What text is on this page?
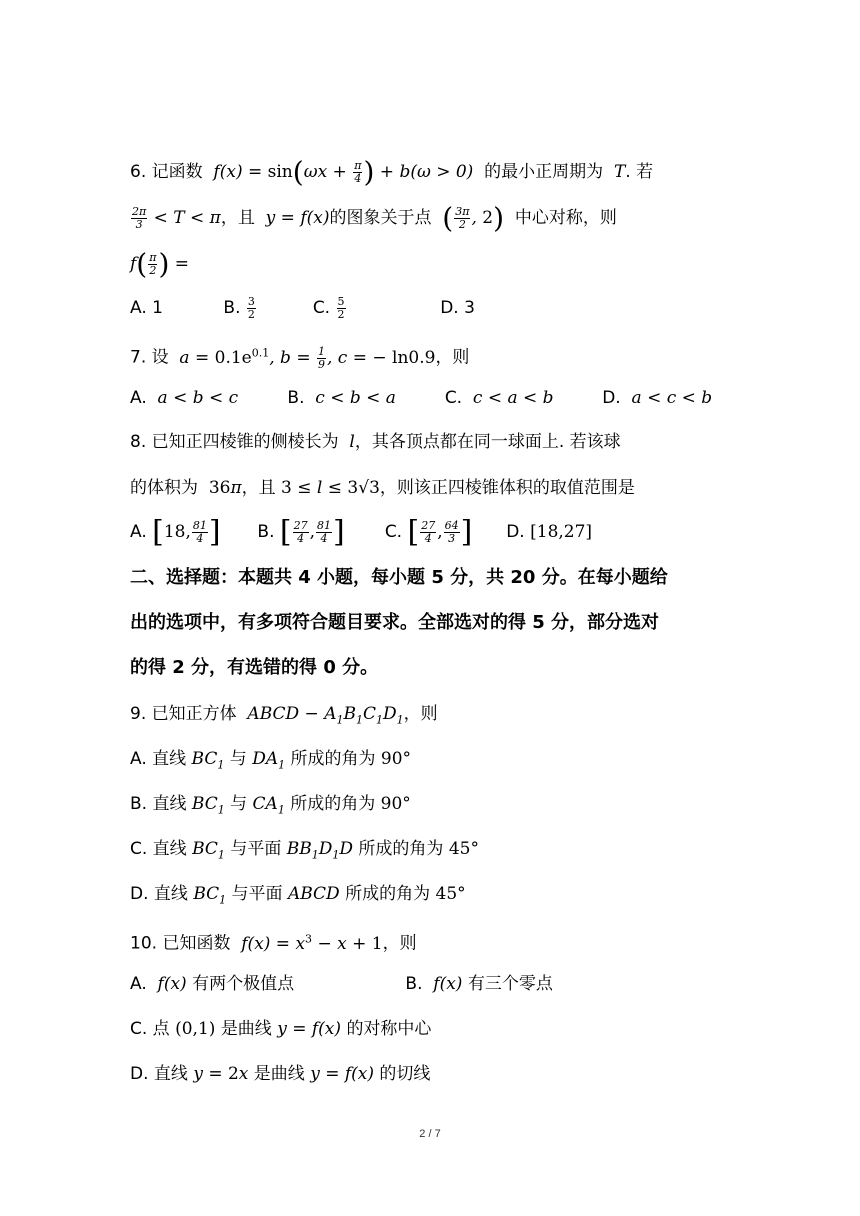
6. 记函数  $f(x) = \sin(\omega x + \frac{\pi}{4}$ ) + b(ω > 0)  的最小正周期为  T. 若
$\frac{2\pi}{3} < T < \pi$，且  y = f(x)的图象关于点 ( $\frac{3\pi}{2}$ , 2) 中心对称，则
$f( \frac{\pi}{2}$ ) =
A. 1	B. $\frac{3}{2}$	C. $\frac{5}{2}$	D. 3
7. 设  $a = 0.1e^{0.1}$, $b = \frac{1}{9}$ , c = − ln0.9，则
A. a < b < c	B. c < b < a	C. c < a < b	D. a < c < b
8. 已知正四棱锥的侧棱长为  l，其各顶点都在同一球面上. 若该球
的体积为 36π，且 3 ≤ l ≤ 3√3，则该正四棱锥体积的取值范围是
A. [18, $\frac{81}{4}$ ] B. [ $\frac{27}{4}$ , $\frac{81}{4}$ ] C. [ $\frac{27}{4}$ , $\frac{64}{3}$ ] D. [18,27]
二、选择题：本题共 4 小题，每小题 5 分，共 20 分。在每小题给
出的选项中，有多项符合题目要求。全部选对的得 5 分，部分选对
的得 2 分，有选错的得 0 分。
9. 已知正方体  ABCD − $A_1B_1C_1D_1$，则
A. 直线 $BC_1$ 与 $DA_1$ 所成的角为 90°
B. 直线 $BC_1$ 与 $CA_1$ 所成的角为 90°
C. 直线 $BC_1$ 与平面 $BB_1D_1D$ 所成的角为 45°
D. 直线 $BC_1$ 与平面 ABCD 所成的角为 45°
10. 已知函数  $f(x) = x^3 - x + 1$，则
A.  f(x) 有两个极值点	B.  f(x) 有三个零点
C. 点 (0,1) 是曲线 y = f(x) 的对称中心
D. 直线 y = 2x 是曲线 y = f(x) 的切线
2 / 7
